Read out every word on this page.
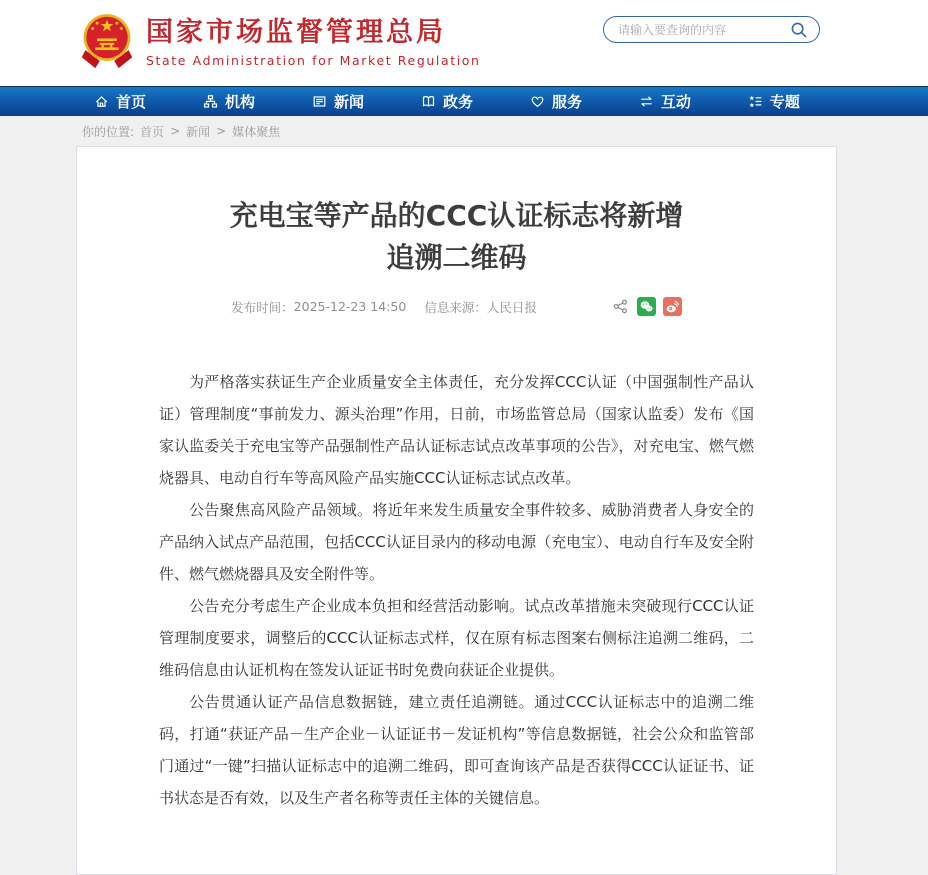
国家市场监督管理总局
State Administration for Market Regulation
请输入要查询的内容
首页	机构	新闻	政务	服务	互动	专题
你的位置: 首页 > 新闻 > 媒体聚焦
充电宝等产品的CCC认证标志将新增
追溯二维码
发布时间： 2025-12-23 14:50 信息来源： 人民日报

为严格落实获证生产企业质量安全主体责任，充分发挥CCC认证（中国强制性产品认证）管理制度“事前发力、源头治理”作用，日前，市场监管总局（国家认监委）发布《国家认监委关于充电宝等产品强制性产品认证标志试点改革事项的公告》，对充电宝、燃气燃烧器具、电动自行车等高风险产品实施CCC认证标志试点改革。

公告聚焦高风险产品领域。将近年来发生质量安全事件较多、威胁消费者人身安全的产品纳入试点产品范围，包括CCC认证目录内的移动电源（充电宝）、电动自行车及安全附件、燃气燃烧器具及安全附件等。

公告充分考虑生产企业成本负担和经营活动影响。试点改革措施未突破现行CCC认证管理制度要求，调整后的CCC认证标志式样，仅在原有标志图案右侧标注追溯二维码，二维码信息由认证机构在签发认证证书时免费向获证企业提供。

公告贯通认证产品信息数据链，建立责任追溯链。通过CCC认证标志中的追溯二维码，打通“获证产品－生产企业－认证证书－发证机构”等信息数据链，社会公众和监管部门通过“一键”扫描认证标志中的追溯二维码，即可查询该产品是否获得CCC认证证书、证书状态是否有效，以及生产者名称等责任主体的关键信息。
